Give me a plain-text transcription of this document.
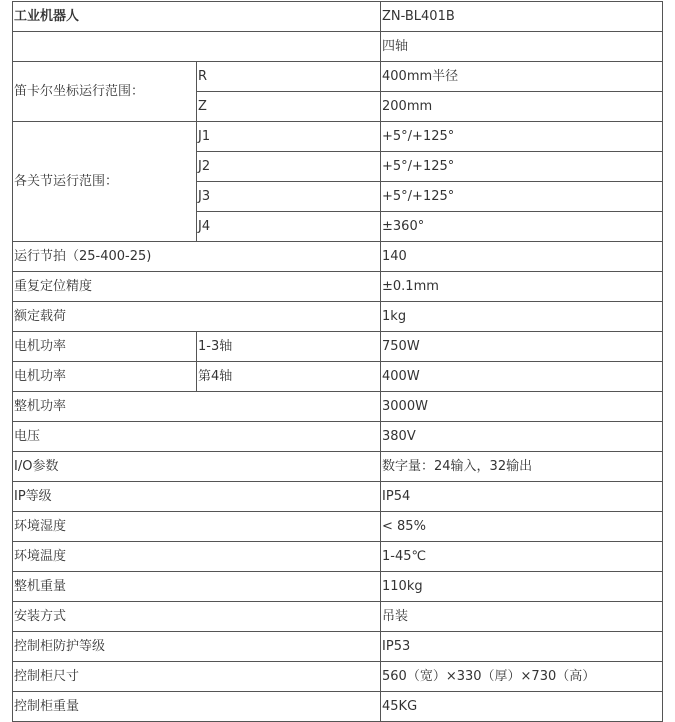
工业机器人		ZN-BL401B
		四轴
笛卡尔坐标运行范围：	R	400mm半径
	Z	200mm
各关节运行范围：	J1	+5°/+125°
	J2	+5°/+125°
	J3	+5°/+125°
	J4	±360°
运行节拍（25-400-25)		140
重复定位精度		±0.1mm
额定载荷		1kg
电机功率	1-3轴	750W
电机功率	第4轴	400W
整机功率		3000W
电压		380V
I/O参数		数字量：24输入，32输出
IP等级		IP54
环境湿度		< 85%
环境温度		1-45℃
整机重量		110kg
安装方式		吊装
控制柜防护等级		IP53
控制柜尺寸		560（宽）×330（厚）×730（高）
控制柜重量		45KG
